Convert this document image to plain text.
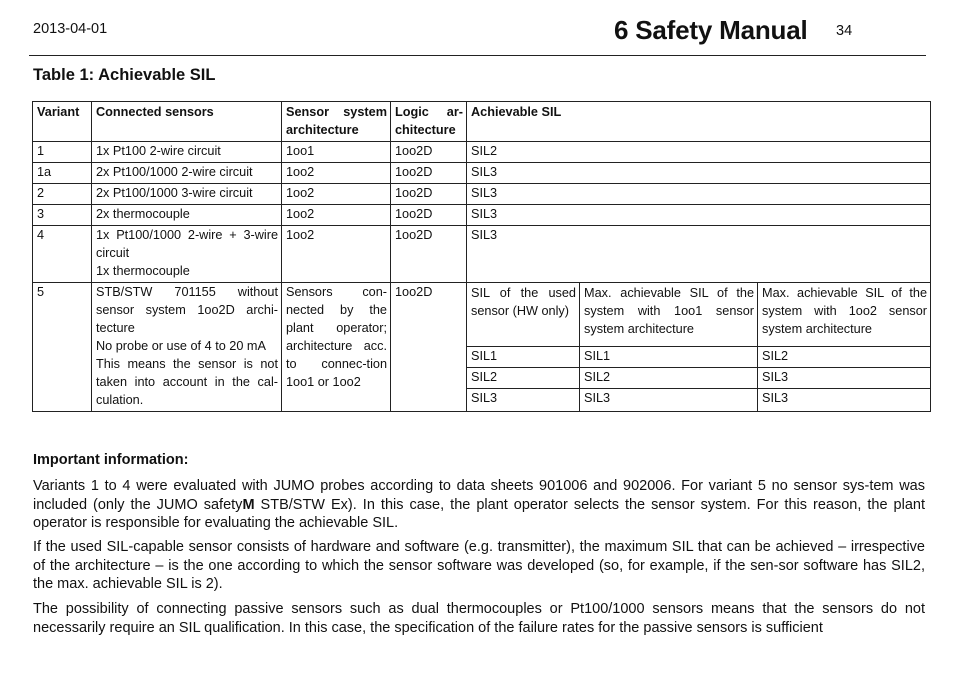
2013-04-01	6 Safety Manual 34
Table 1: Achievable SIL
Variant	Connected sensors	Sensor system architecture	Logic ar-chitecture	Achievable SIL		
1	1x Pt100 2-wire circuit	1oo1	1oo2D	SIL2		
1a	2x Pt100/1000 2-wire circuit	1oo2	1oo2D	SIL3		
2	2x Pt100/1000 3-wire circuit	1oo2	1oo2D	SIL3		
3	2x thermocouple	1oo2	1oo2D	SIL3		
4	1x Pt100/1000 2-wire + 3-wire circuit
1x thermocouple	1oo2	1oo2D	SIL3		
5	STB/STW 701155 without sensor system 1oo2D archi-tecture
No probe or use of 4 to 20 mA
This means the sensor is not taken into account in the cal-culation.	Sensors con-nected by the plant operator; architecture acc. to connec-tion 1oo1 or 1oo2	1oo2D	SIL of the used sensor (HW only)	Max. achievable SIL of the system with 1oo1 sensor system architecture	Max. achievable SIL of the system with 1oo2 sensor system architecture
				SIL1	SIL1	SIL2
				SIL2	SIL2	SIL3
				SIL3	SIL3	SIL3
Important information:

Variants 1 to 4 were evaluated with JUMO probes according to data sheets 901006 and 902006. For variant 5 no sensor sys-tem was included (only the JUMO safetyM STB/STW Ex). In this case, the plant operator selects the sensor system. For this reason, the plant operator is responsible for evaluating the achievable SIL.

If the used SIL-capable sensor consists of hardware and software (e.g. transmitter), the maximum SIL that can be achieved – irrespective of the architecture – is the one according to which the sensor software was developed (so, for example, if the sen-sor software has SIL2, the max. achievable SIL is 2).

The possibility of connecting passive sensors such as dual thermocouples or Pt100/1000 sensors means that the sensors do not necessarily require an SIL qualification. In this case, the specification of the failure rates for the passive sensors is sufficient
